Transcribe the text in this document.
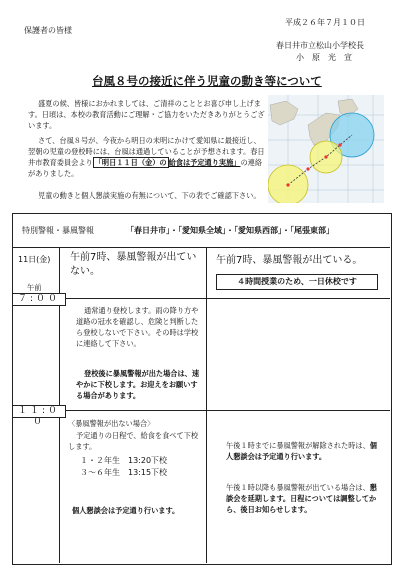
保護者の皆様
平成２６年７月１０日
春日井市立松山小学校長
小　原　光　宣
台風８号の接近に伴う児童の動き等について
盛夏の候、皆様におかれましては、ご清祥のこととお喜び申し上げます。日頃は、本校の教育活動にご理解・ご協力をいただきありがとうございます。
さて、台風８号が、今夜から明日の未明にかけて愛知県に最接近し、翌朝の児童の登校時には、台風は通過していることが予想されます。春日井市教育委員会より 「明日１１日（金）の 給食は予定通り実施」の連絡がありました。
児童の動きと個人懇談実施の有無について、下の表でご確認下さい。
特別警報・暴風警報	「春日井市」・「愛知県全域」・「愛知県西部」・「尾張東部」
11日(金)
午前
７:００
１１:００
午前7時、暴風警報が出ていない。
午前7時、暴風警報が出ている。
４時間授業のため、一日休校です
通常通り登校します。雨の降り方や道路の冠水を確認し、危険と判断したら登校しないで下さい。その時は学校に連絡して下さい。
登校後に暴風警報が出た場合は、速やかに下校します。お迎えをお願いする場合があります。
〈暴風警報が出ない場合〉
予定通りの日程で、給食を食べて下校します。
１・２年生　13:20下校
３～６年生　13:15下校
個人懇談会は予定通り行います。
午後１時までに暴風警報が解除された時は、個人懇談会は予定通り行います。
午後１時以降も暴風警報が出ている場合は、懇談会を延期します。日程については調整してから、後日お知らせします。
